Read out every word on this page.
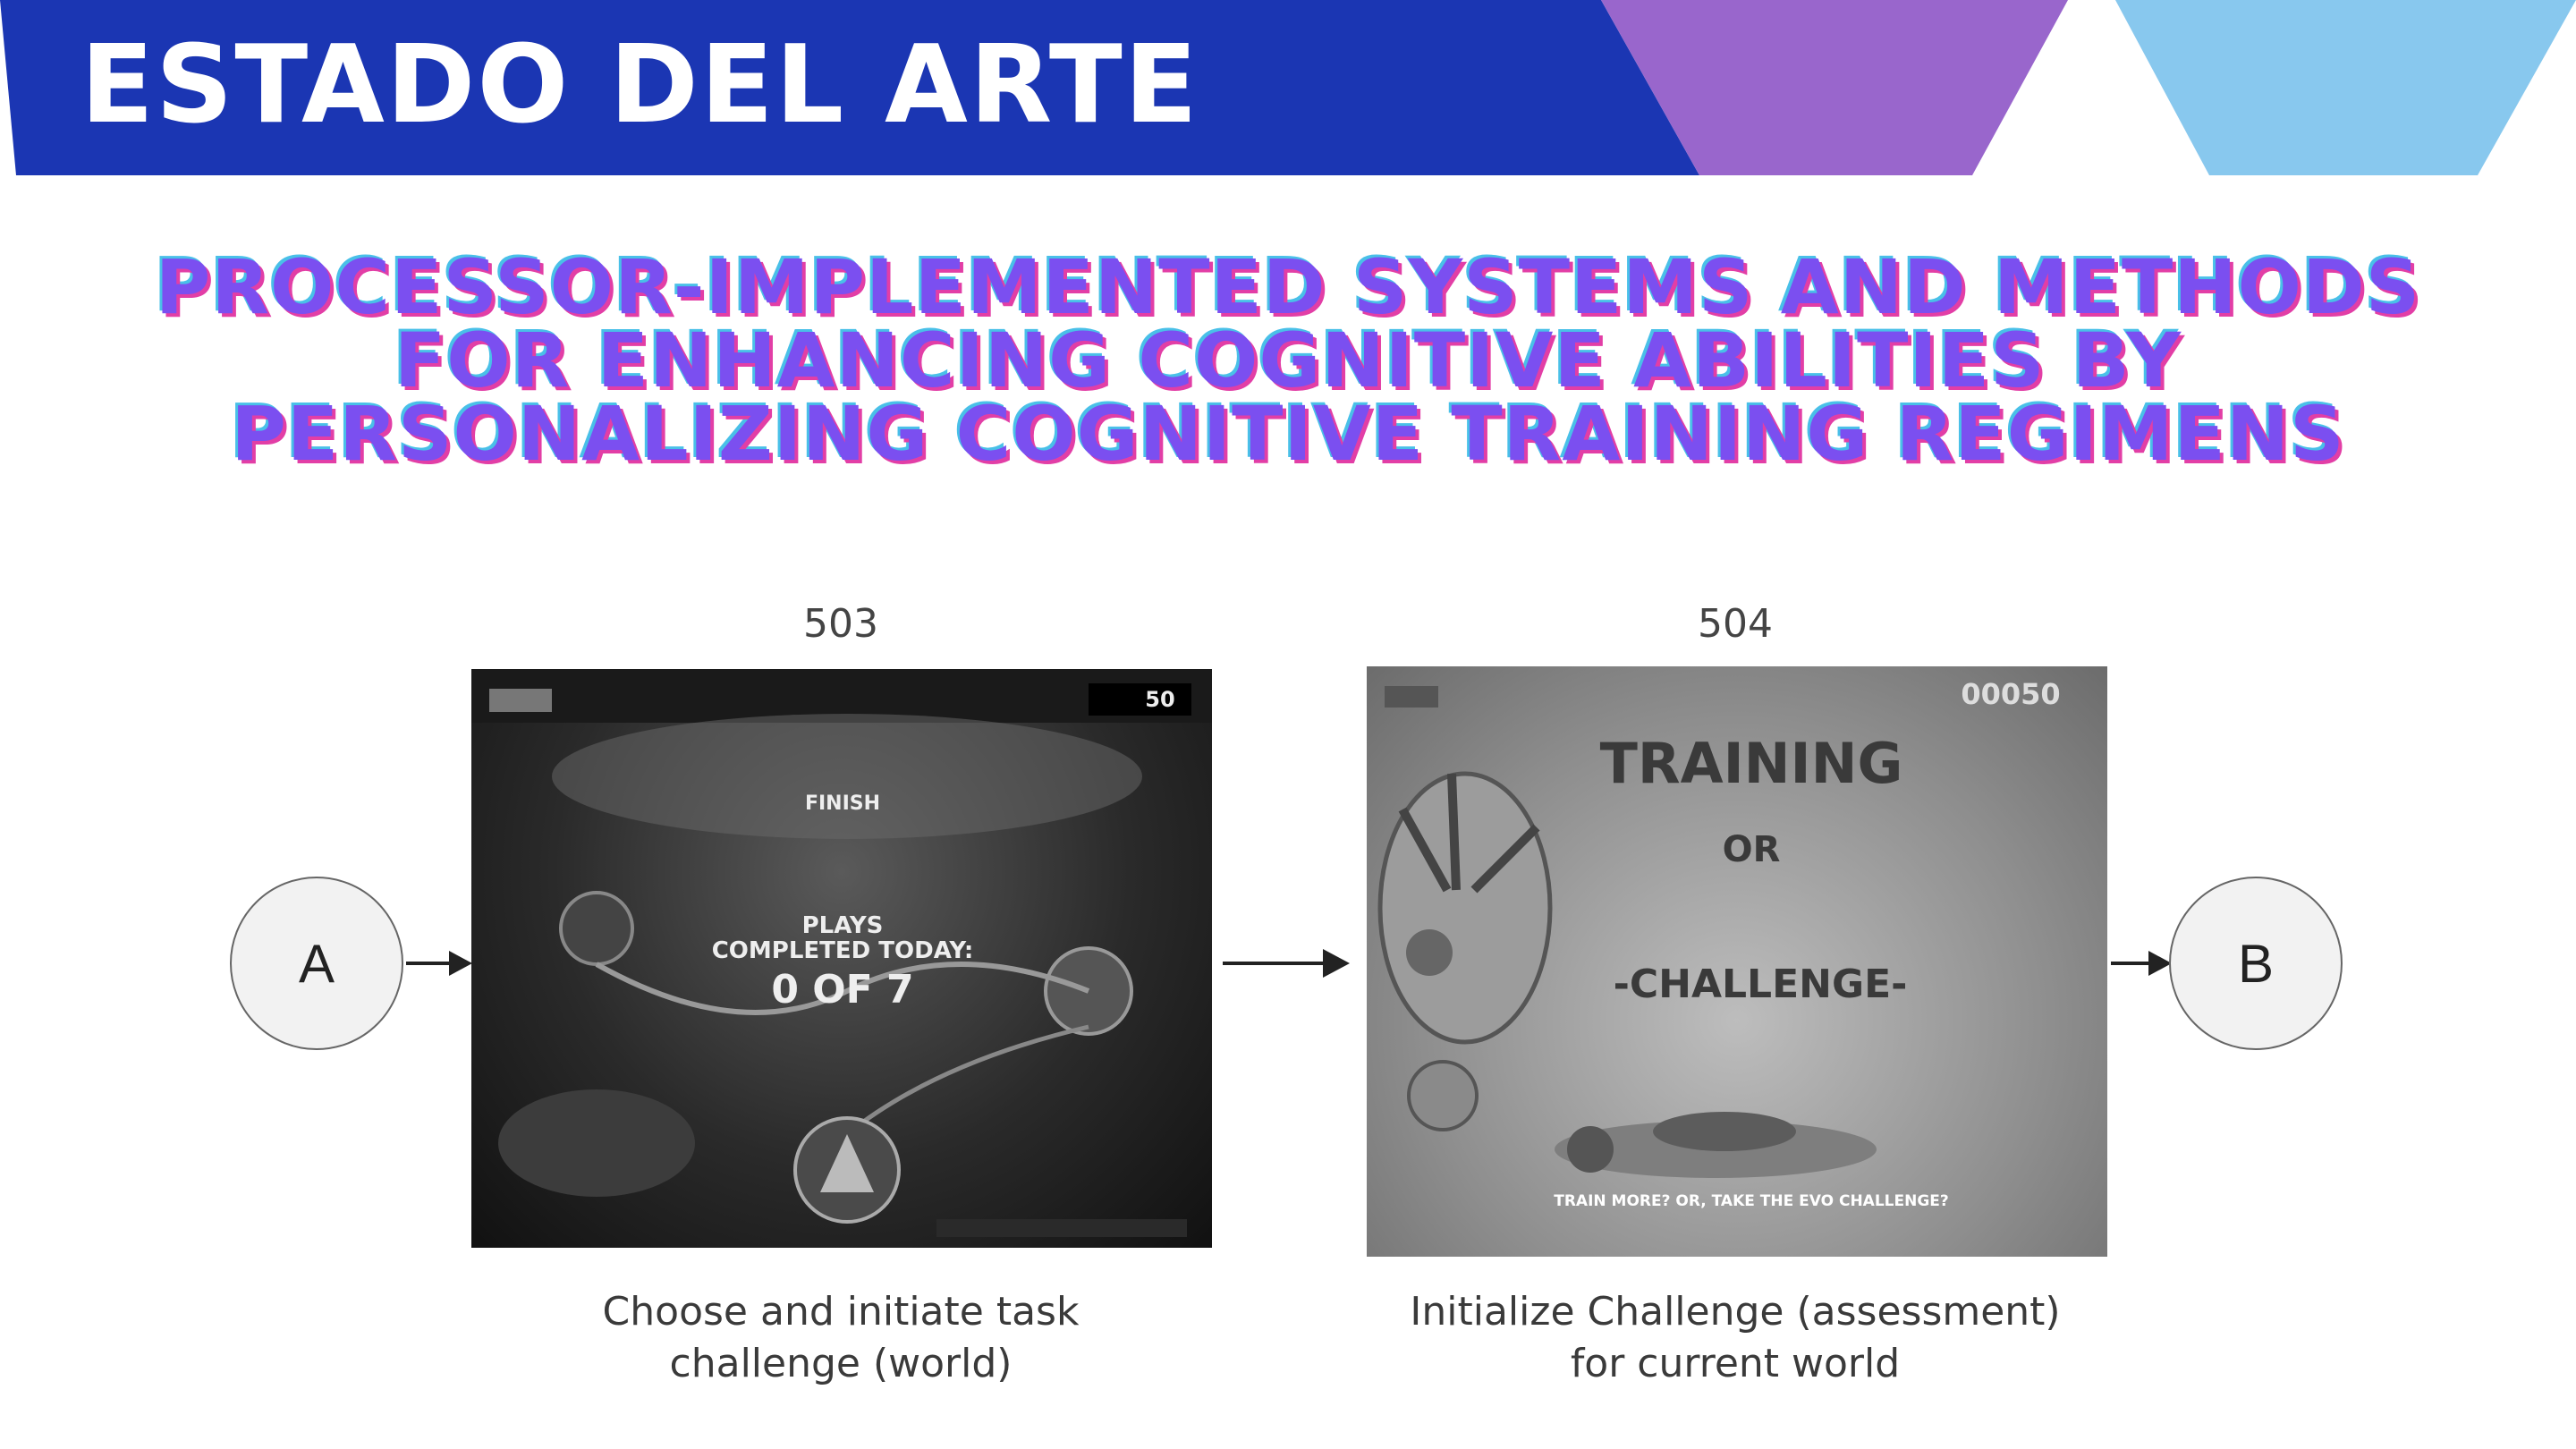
ESTADO DEL ARTE
PROCESSOR-IMPLEMENTED SYSTEMS AND METHODS FOR ENHANCING COGNITIVE ABILITIES BY PERSONALIZING COGNITIVE TRAINING REGIMENS
503	504
A
FINISH
50
PLAYS
COMPLETED TODAY:
0 OF 7
TRAINING
OR
-CHALLENGE-
TRAIN MORE? OR, TAKE THE EVO CHALLENGE?
00050
B
Choose and initiate task
challenge (world)
Initialize Challenge (assessment)
for current world
